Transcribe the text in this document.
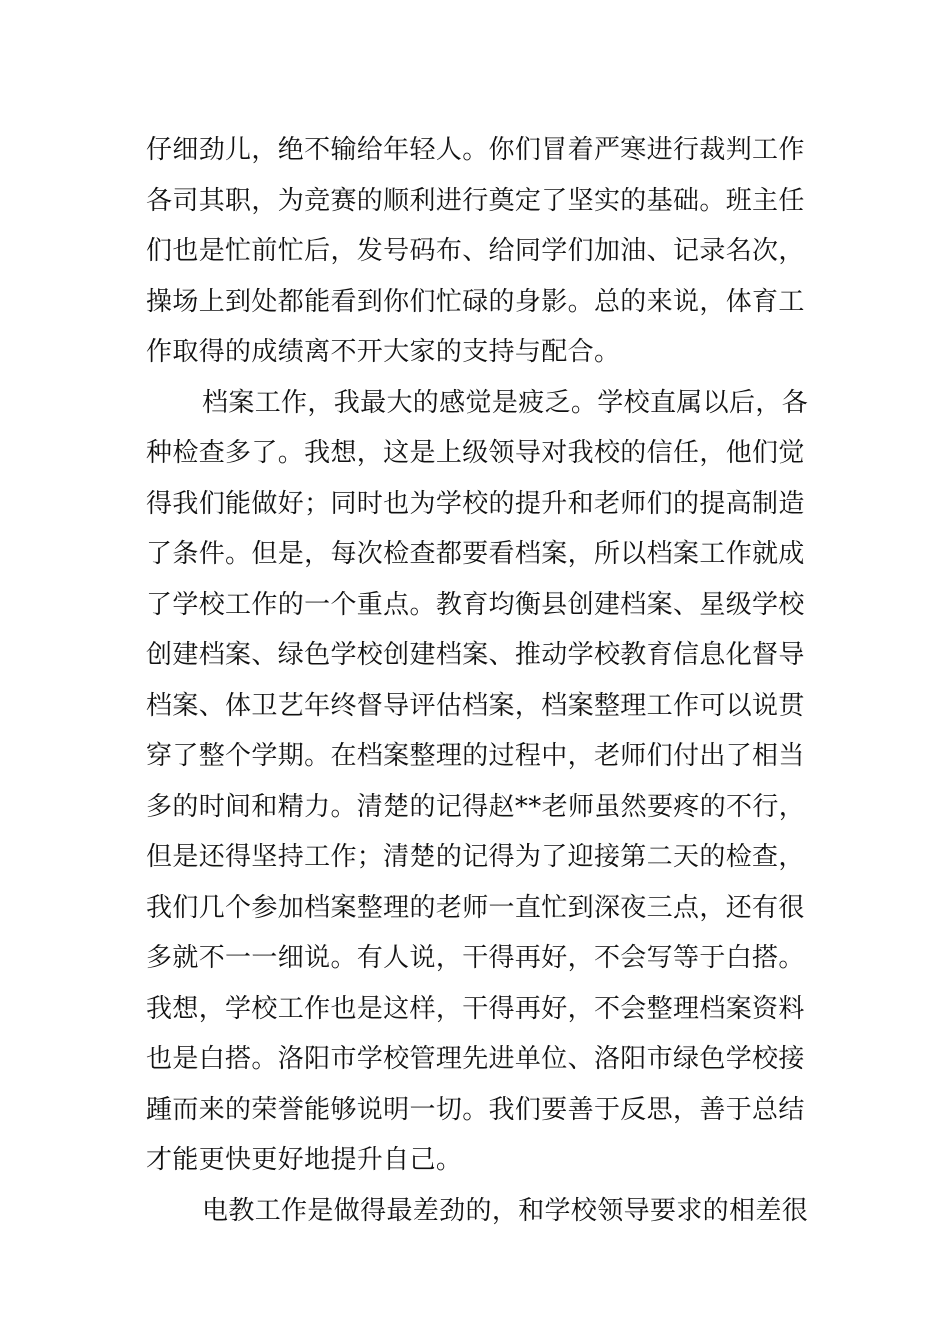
仔细劲儿，绝不输给年轻人。你们冒着严寒进行裁判工作
各司其职，为竞赛的顺利进行奠定了坚实的基础。班主任
们也是忙前忙后，发号码布、给同学们加油、记录名次，
操场上到处都能看到你们忙碌的身影。总的来说，体育工
作取得的成绩离不开大家的支持与配合。
档案工作，我最大的感觉是疲乏。学校直属以后，各
种检查多了。我想，这是上级领导对我校的信任，他们觉
得我们能做好；同时也为学校的提升和老师们的提高制造
了条件。但是，每次检查都要看档案，所以档案工作就成
了学校工作的一个重点。教育均衡县创建档案、星级学校
创建档案、绿色学校创建档案、推动学校教育信息化督导
档案、体卫艺年终督导评估档案，档案整理工作可以说贯
穿了整个学期。在档案整理的过程中，老师们付出了相当
多的时间和精力。清楚的记得赵**老师虽然要疼的不行，
但是还得坚持工作；清楚的记得为了迎接第二天的检查，
我们几个参加档案整理的老师一直忙到深夜三点，还有很
多就不一一细说。有人说，干得再好，不会写等于白搭。
我想，学校工作也是这样，干得再好，不会整理档案资料
也是白搭。洛阳市学校管理先进单位、洛阳市绿色学校接
踵而来的荣誉能够说明一切。我们要善于反思，善于总结
才能更快更好地提升自己。
电教工作是做得最差劲的，和学校领导要求的相差很
